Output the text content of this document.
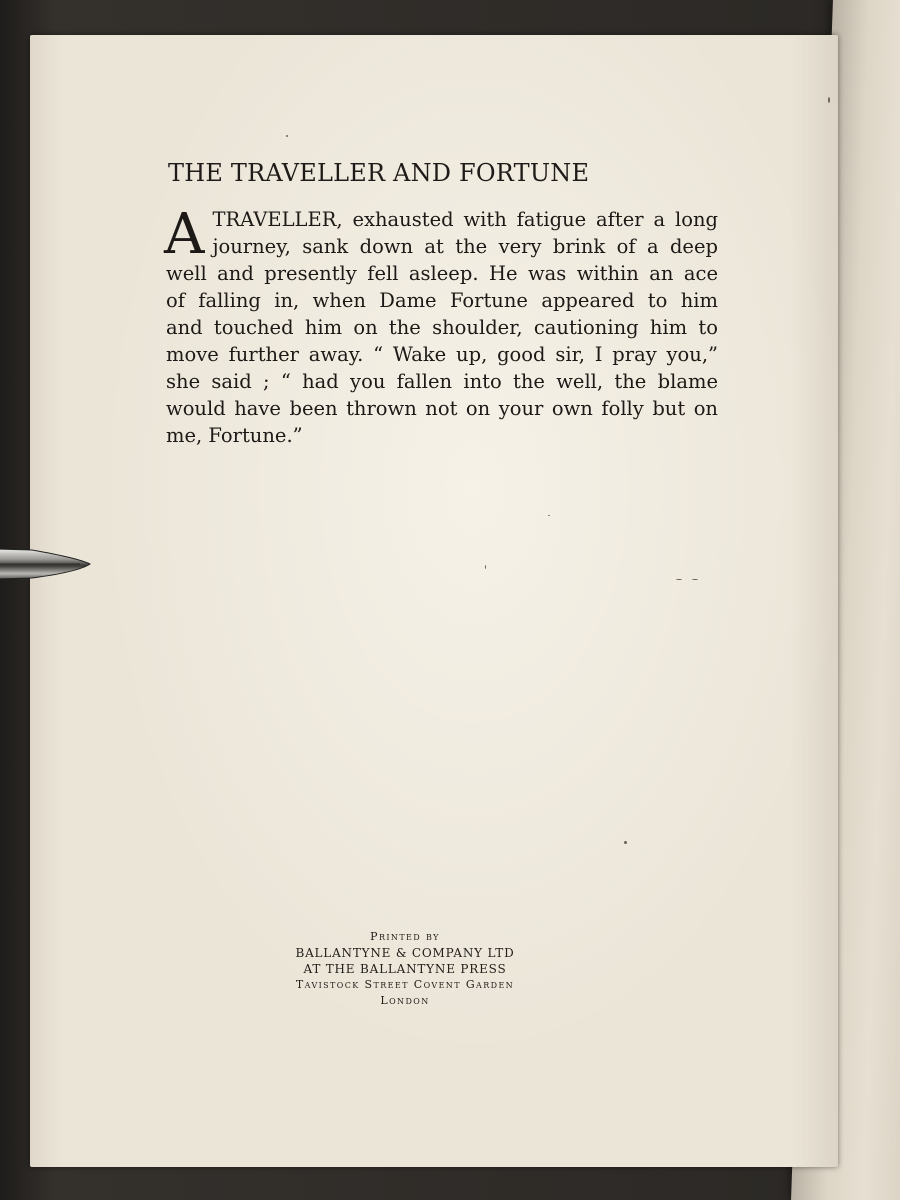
THE TRAVELLER AND FORTUNE
A TRAVELLER, exhausted with fatigue after a long
journey, sank down at the very brink of a deep
well and presently fell asleep. He was within an ace
of falling in, when Dame Fortune appeared to him
and touched him on the shoulder, cautioning him to
move further away. “ Wake up, good sir, I pray you,”
she said ; “ had you fallen into the well, the blame
would have been thrown not on your own folly but on
me, Fortune.”
Printed by
BALLANTYNE & COMPANY LTD
AT THE BALLANTYNE PRESS
Tavistock Street Covent Garden
London
